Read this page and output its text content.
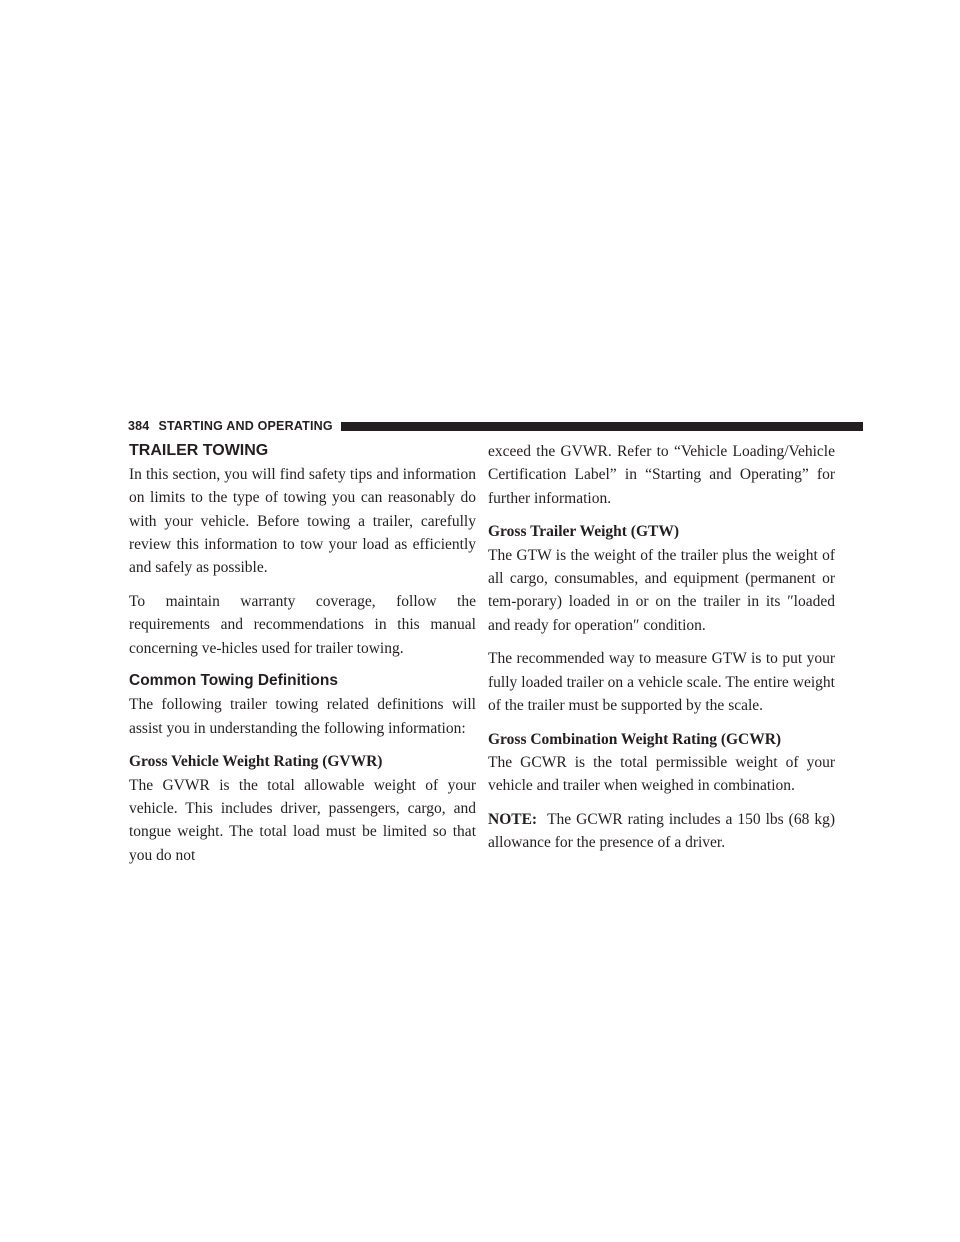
384 STARTING AND OPERATING
TRAILER TOWING

In this section, you will find safety tips and information on limits to the type of towing you can reasonably do with your vehicle. Before towing a trailer, carefully review this information to tow your load as efficiently and safely as possible.

To maintain warranty coverage, follow the requirements and recommendations in this manual concerning ve-hicles used for trailer towing.

Common Towing Definitions

The following trailer towing related definitions will assist you in understanding the following information:

Gross Vehicle Weight Rating (GVWR)

The GVWR is the total allowable weight of your vehicle. This includes driver, passengers, cargo, and tongue weight. The total load must be limited so that you do not

exceed the GVWR. Refer to “Vehicle Loading/Vehicle Certification Label” in “Starting and Operating” for further information.

Gross Trailer Weight (GTW)

The GTW is the weight of the trailer plus the weight of all cargo, consumables, and equipment (permanent or tem-porary) loaded in or on the trailer in its ″loaded and ready for operation″ condition.

The recommended way to measure GTW is to put your fully loaded trailer on a vehicle scale. The entire weight of the trailer must be supported by the scale.

Gross Combination Weight Rating (GCWR)

The GCWR is the total permissible weight of your vehicle and trailer when weighed in combination.

NOTE: The GCWR rating includes a 150 lbs (68 kg) allowance for the presence of a driver.
